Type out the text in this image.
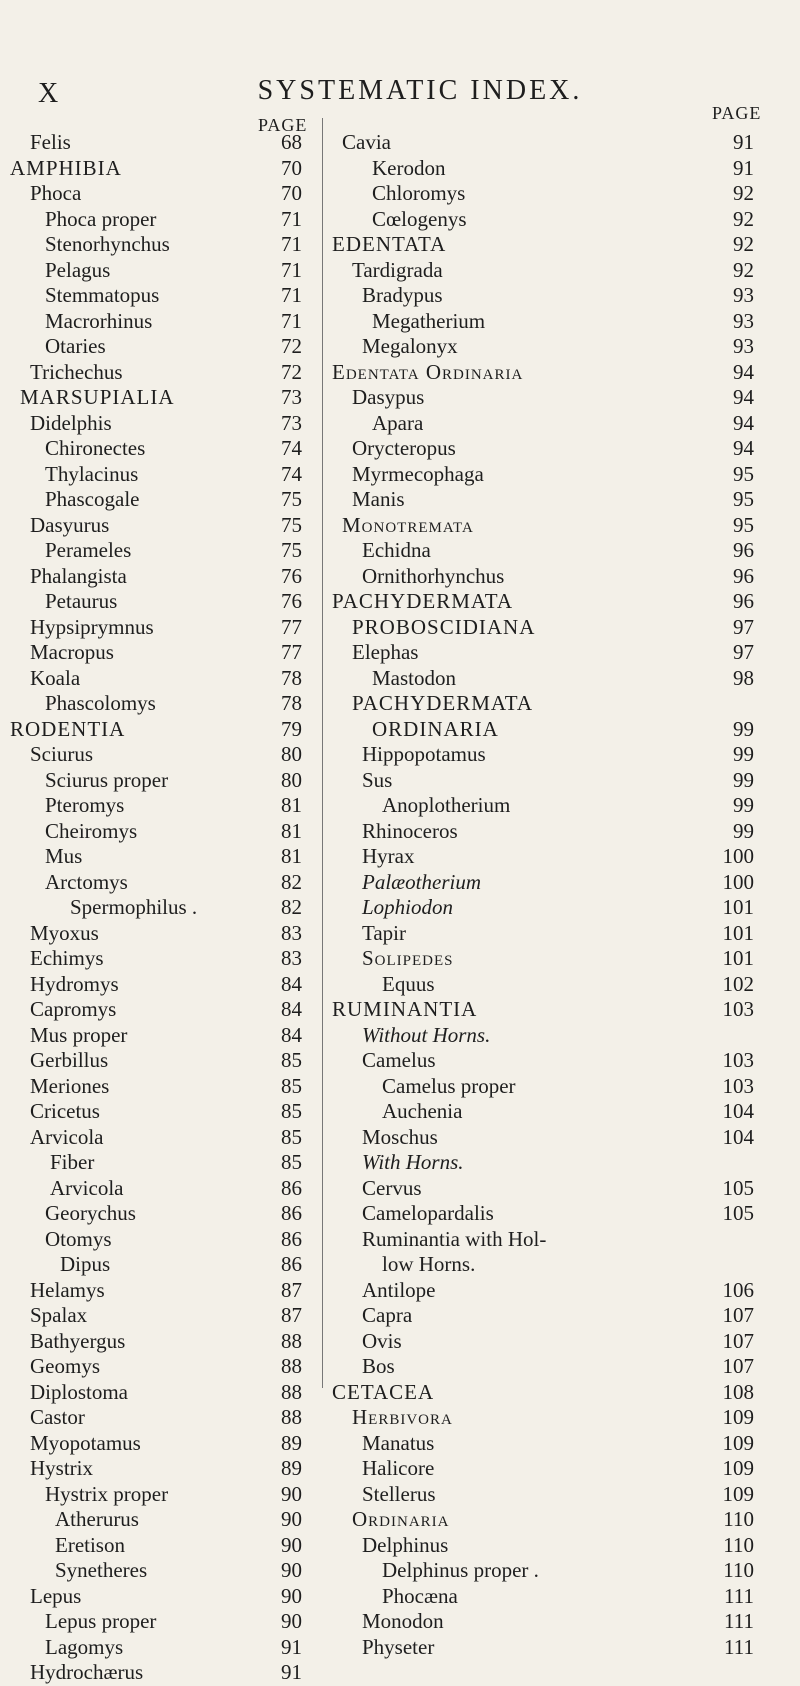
X	SYSTEMATIC INDEX.
PAGE
PAGE
Felis	68
AMPHIBIA	70
Phoca	70
Phoca proper	71
Stenorhynchus	71
Pelagus	71
Stemmatopus	71
Macrorhinus	71
Otaries	72
Trichechus	72
MARSUPIALIA	73
Didelphis	73
Chironectes	74
Thylacinus	74
Phascogale	75
Dasyurus	75
Perameles	75
Phalangista	76
Petaurus	76
Hypsiprymnus	77
Macropus	77
Koala	78
Phascolomys	78
RODENTIA	79
Sciurus	80
Sciurus proper	80
Pteromys	81
Cheiromys	81
Mus	81
Arctomys	82
Spermophilus .	82
Myoxus	83
Echimys	83
Hydromys	84
Capromys	84
Mus proper	84
Gerbillus	85
Meriones	85
Cricetus	85
Arvicola	85
Fiber	85
Arvicola	86
Georychus	86
Otomys	86
Dipus	86
Helamys	87
Spalax	87
Bathyergus	88
Geomys	88
Diplostoma	88
Castor	88
Myopotamus	89
Hystrix	89
Hystrix proper	90
Atherurus	90
Eretison	90
Synetheres	90
Lepus	90
Lepus proper	90
Lagomys	91
Hydrochærus	91
Cavia	91
Kerodon	91
Chloromys	92
Cœlogenys	92
EDENTATA	92
Tardigrada	92
Bradypus	93
Megatherium	93
Megalonyx	93
Edentata Ordinaria	94
Dasypus	94
Apara	94
Orycteropus	94
Myrmecophaga	95
Manis	95
Monotremata	95
Echidna	96
Ornithorhynchus	96
PACHYDERMATA	96
PROBOSCIDIANA	97
Elephas	97
Mastodon	98
PACHYDERMATA
ORDINARIA	99
Hippopotamus	99
Sus	99
Anoplotherium	99
Rhinoceros	99
Hyrax	100
Palæotherium	100
Lophiodon	101
Tapir	101
Solipedes	101
Equus	102
RUMINANTIA	103
Without Horns.
Camelus	103
Camelus proper	103
Auchenia	104
Moschus	104
With Horns.
Cervus	105
Camelopardalis	105
Ruminantia with Hol-
low Horns.
Antilope	106
Capra	107
Ovis	107
Bos	107
CETACEA	108
Herbivora	109
Manatus	109
Halicore	109
Stellerus	109
Ordinaria	110
Delphinus	110
Delphinus proper .	110
Phocæna	111
Monodon	111
Physeter	111
